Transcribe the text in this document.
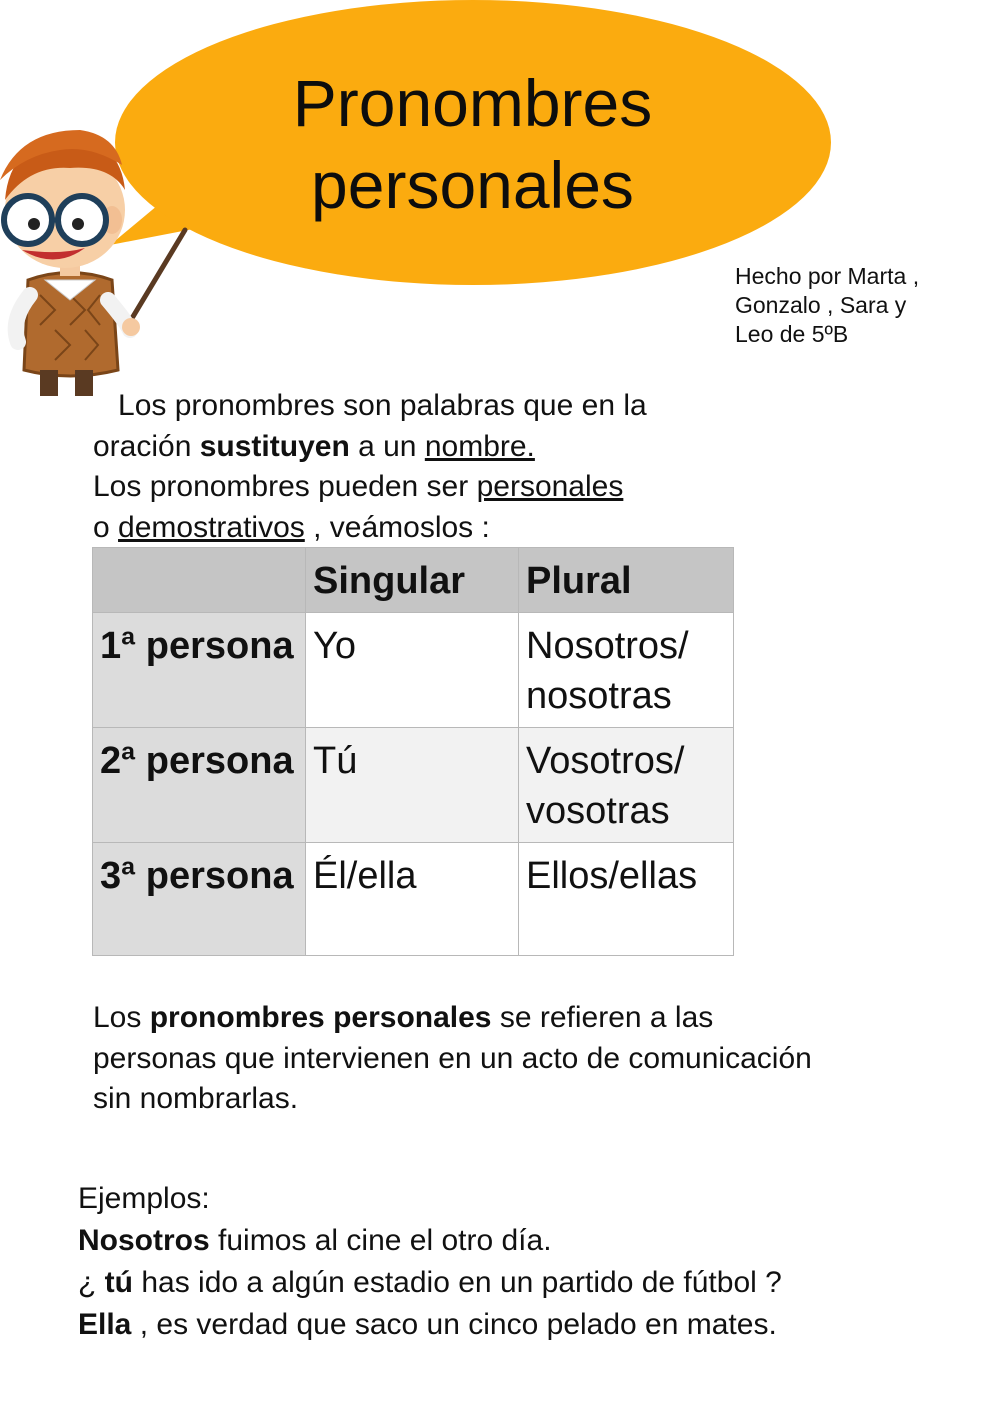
Pronombres
personales
Hecho por Marta ,
Gonzalo , Sara y
Leo de 5ºB

Los pronombres son palabras que en la

oración sustituyen a un nombre.

Los pronombres pueden ser personales

o demostrativos , veámoslos :

	Singular	Plural
1ª persona	Yo	Nosotros/ nosotras
2ª persona	Tú	Vosotros/ vosotras
3ª persona	Él/ella	Ellos/ellas

Los pronombres personales se refieren a las personas que intervienen en un acto de comunicación sin nombrarlas.

Ejemplos:

Nosotros fuimos al cine el otro día.

¿ tú has ido a algún estadio en un partido de fútbol ?

Ella , es verdad que saco un cinco pelado en mates.
